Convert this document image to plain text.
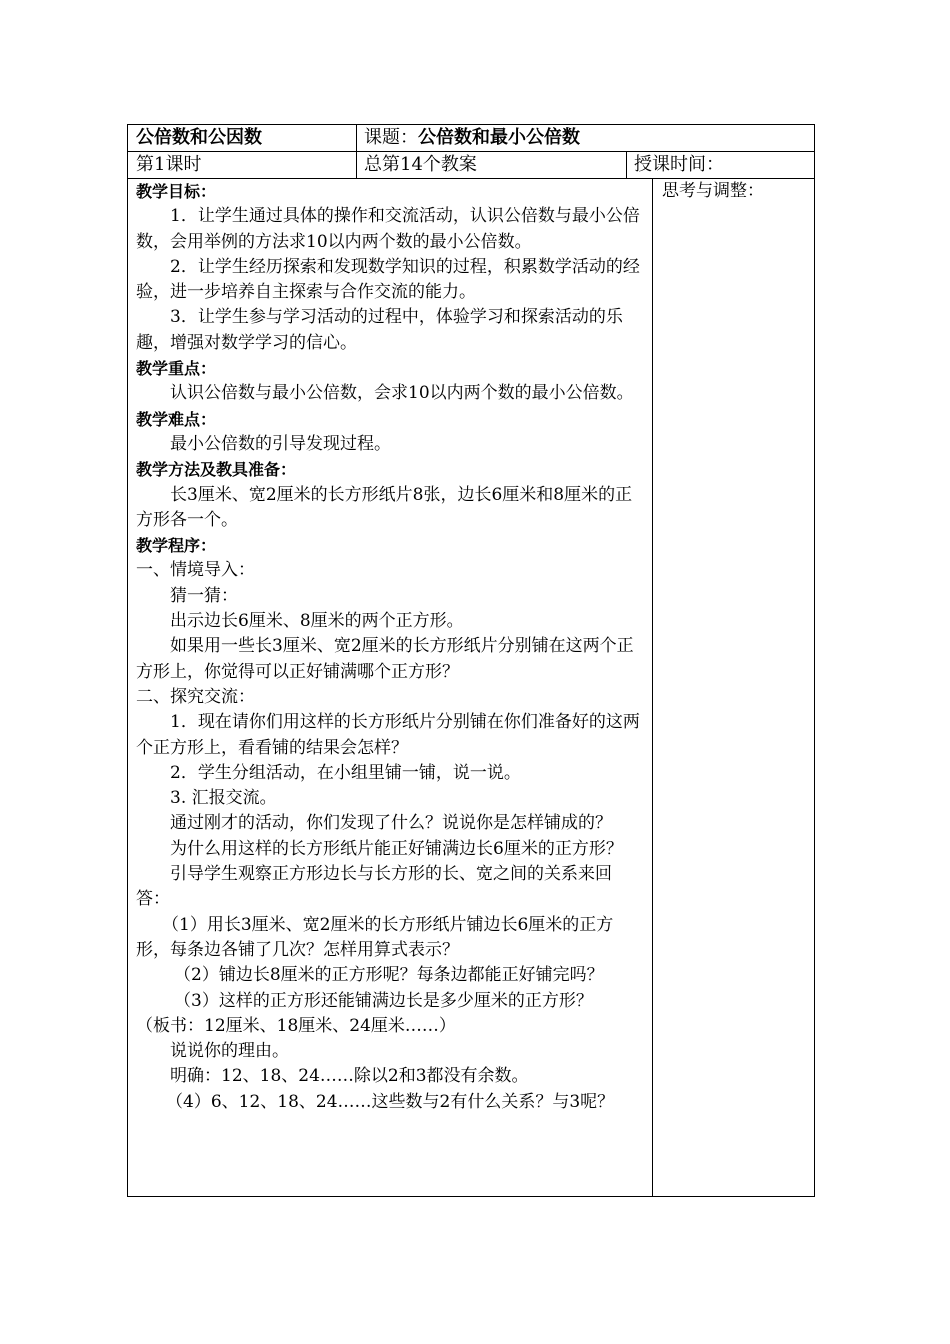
公倍数和公因数	课题：公倍数和最小公倍数
第1课时	总第14个教案	授课时间：

教学目标：

1．让学生通过具体的操作和交流活动，认识公倍数与最小公倍数，会用举例的方法求10以内两个数的最小公倍数。

2．让学生经历探索和发现数学知识的过程，积累数学活动的经验，进一步培养自主探索与合作交流的能力。

3．让学生参与学习活动的过程中，体验学习和探索活动的乐趣，增强对数学学习的信心。

教学重点：

认识公倍数与最小公倍数，会求10以内两个数的最小公倍数。

教学难点：

最小公倍数的引导发现过程。

教学方法及教具准备：

长3厘米、宽2厘米的长方形纸片8张，边长6厘米和8厘米的正方形各一个。

教学程序：

一、情境导入：

猜一猜：

出示边长6厘米、8厘米的两个正方形。

如果用一些长3厘米、宽2厘米的长方形纸片分别铺在这两个正方形上，你觉得可以正好铺满哪个正方形？

二、探究交流：

1．现在请你们用这样的长方形纸片分别铺在你们准备好的这两个正方形上，看看铺的结果会怎样？

2．学生分组活动，在小组里铺一铺，说一说。

3. 汇报交流。

通过刚才的活动，你们发现了什么？说说你是怎样铺成的？

为什么用这样的长方形纸片能正好铺满边长6厘米的正方形？

引导学生观察正方形边长与长方形的长、宽之间的关系来回答：

（1）用长3厘米、宽2厘米的长方形纸片铺边长6厘米的正方形，每条边各铺了几次？怎样用算式表示？

（2）铺边长8厘米的正方形呢？每条边都能正好铺完吗？

（3）这样的正方形还能铺满边长是多少厘米的正方形？

（板书：12厘米、18厘米、24厘米……）

说说你的理由。

明确：12、18、24……除以2和3都没有余数。

（4）6、12、18、24……这些数与2有什么关系？与3呢？

思考与调整：
